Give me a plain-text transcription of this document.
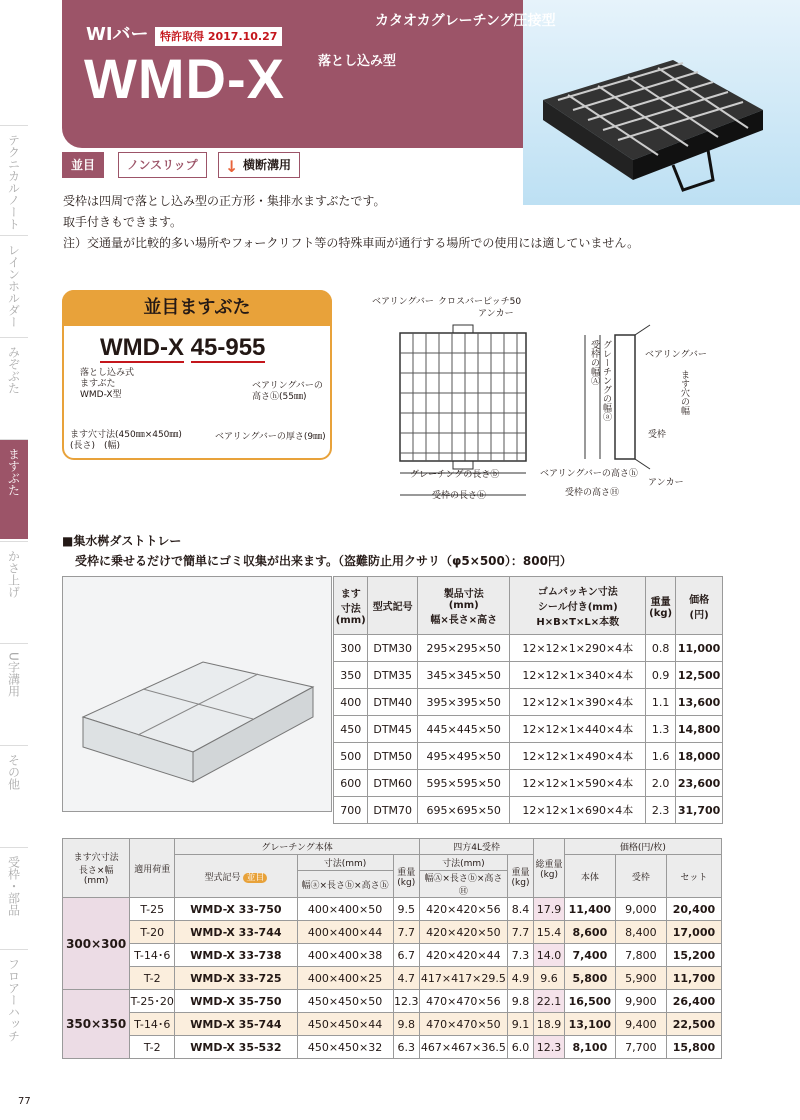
WIバー	特許取得 2017.10.27
WMD-X
カタオカグレーチング圧接型
落とし込み型
テクニカルノート
レインホルダー
みぞぶた
ますぶた
かさ上げ
U字溝用
その他
受枠・部品
フロアーハッチ
並目	ノンスリップ	↓ 横断溝用
受枠は四周で落とし込み型の正方形・集排水ますぶたです。
取手付きもできます。
注）交通量が比較的多い場所やフォークリフト等の特殊車両が通行する場所での使用には適していません。
並目ますぶた
WMD-X 45-955
落とし込み式
ますぶた
WMD-X型
ベアリングバーの
高さⓗ(55㎜)
ます穴寸法(450㎜×450㎜)
(長さ)　(幅)
ベアリングバーの厚さ(9㎜)
ベアリングバー クロスバーピッチ50
アンカー
グレーチングの長さⓑ
受枠の長さⓑ
受枠の幅Ⓐ グレーチングの幅ⓐ	ベアリングバー
ます穴の幅
受枠
ベアリングバーの高さⓗ
受枠の高さⒽ
アンカー
■集水桝ダストトレー
受枠に乗せるだけで簡単にゴミ収集が出来ます。（盗難防止用クサリ（φ5×500）：800円）
ます
寸法
(mm)	型式記号	製品寸法
(mm)
幅×長さ×高さ	ゴムパッキン寸法
シール付き(mm)
H×B×T×L×本数	重量
(kg)	価格
(円)
300	DTM30	295×295×50	12×12×1×290×4本	0.8	11,000
350	DTM35	345×345×50	12×12×1×340×4本	0.9	12,500
400	DTM40	395×395×50	12×12×1×390×4本	1.1	13,600
450	DTM45	445×445×50	12×12×1×440×4本	1.3	14,800
500	DTM50	495×495×50	12×12×1×490×4本	1.6	18,000
600	DTM60	595×595×50	12×12×1×590×4本	2.0	23,600
700	DTM70	695×695×50	12×12×1×690×4本	2.3	31,700
ます穴寸法
長さ×幅
(mm)	適用荷重	グレーチング本体			四方4L受枠		総重量
(kg)	価格(円/枚)		
		型式記号 並目	寸法(mm)	重量
(kg)	寸法(mm)	重量
(kg)		本体	受枠	セット
			幅ⓐ×長さⓑ×高さⓗ		幅Ⓐ×長さⓑ×高さⒽ					
300×300	T-25	WMD-X 33-750	400×400×50	9.5	420×420×56	8.4	17.9	11,400	9,000	20,400
	T-20	WMD-X 33-744	400×400×44	7.7	420×420×50	7.7	15.4	8,600	8,400	17,000
	T-14･6	WMD-X 33-738	400×400×38	6.7	420×420×44	7.3	14.0	7,400	7,800	15,200
	T-2	WMD-X 33-725	400×400×25	4.7	417×417×29.5	4.9	9.6	5,800	5,900	11,700
350×350	T-25･20	WMD-X 35-750	450×450×50	12.3	470×470×56	9.8	22.1	16,500	9,900	26,400
	T-14･6	WMD-X 35-744	450×450×44	9.8	470×470×50	9.1	18.9	13,100	9,400	22,500
	T-2	WMD-X 35-532	450×450×32	6.3	467×467×36.5	6.0	12.3	8,100	7,700	15,800
77
